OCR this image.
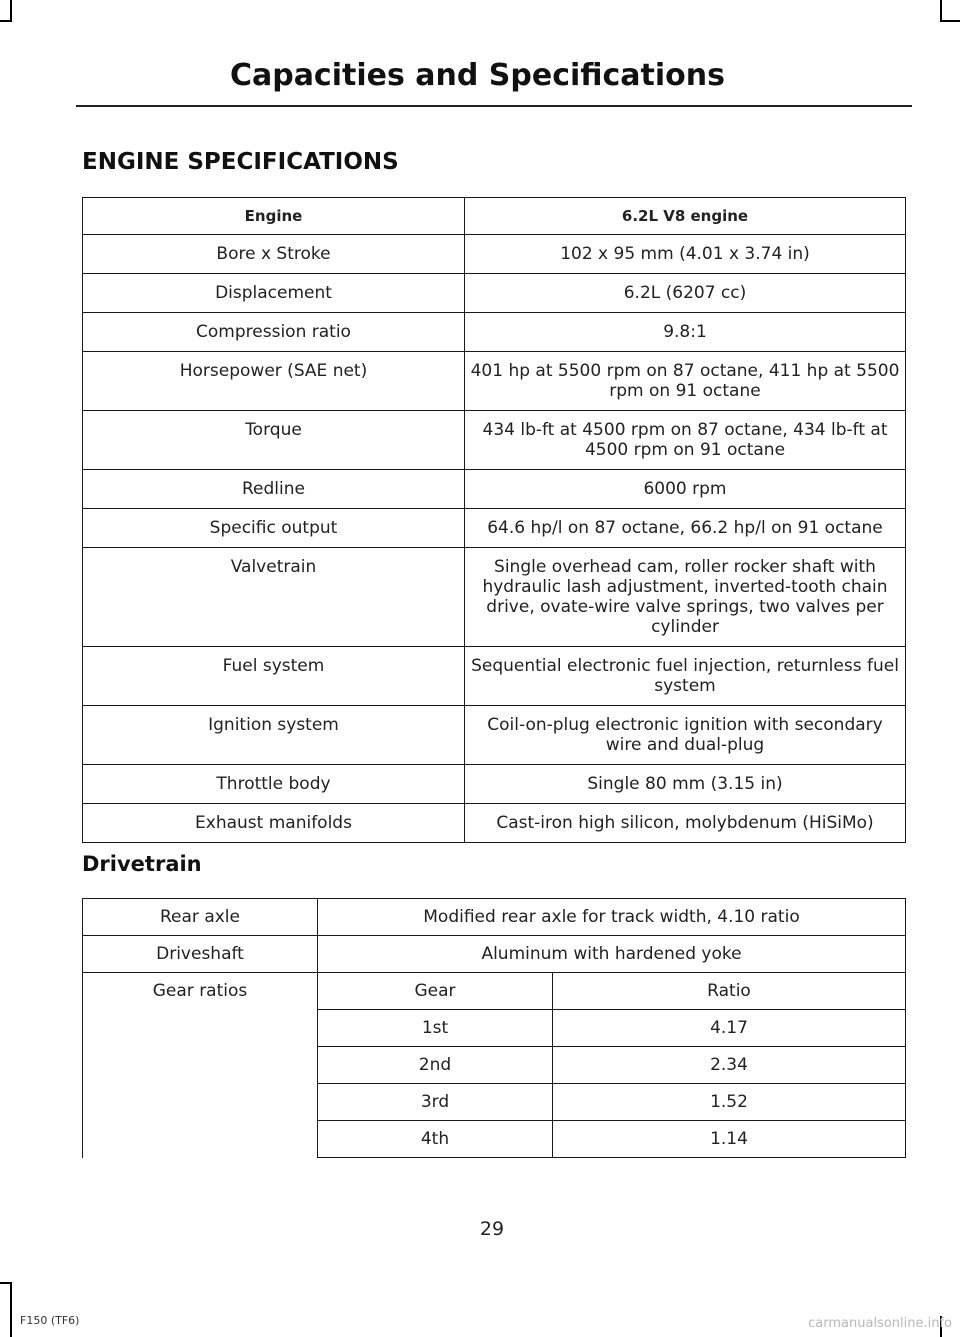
Capacities and Specifications
ENGINE SPECIFICATIONS
Engine	6.2L V8 engine
Bore x Stroke	102 x 95 mm (4.01 x 3.74 in)
Displacement	6.2L (6207 cc)
Compression ratio	9.8:1
Horsepower (SAE net)	401 hp at 5500 rpm on 87 octane, 411 hp at 5500 rpm on 91 octane
Torque	434 lb-ft at 4500 rpm on 87 octane, 434 lb-ft at 4500 rpm on 91 octane
Redline	6000 rpm
Specific output	64.6 hp/l on 87 octane, 66.2 hp/l on 91 octane
Valvetrain	Single overhead cam, roller rocker shaft with hydraulic lash adjustment, inverted-tooth chain drive, ovate-wire valve springs, two valves per cylinder
Fuel system	Sequential electronic fuel injection, returnless fuel system
Ignition system	Coil-on-plug electronic ignition with secondary wire and dual-plug
Throttle body	Single 80 mm (3.15 in)
Exhaust manifolds	Cast-iron high silicon, molybdenum (HiSiMo)
Drivetrain
Rear axle	Modified rear axle for track width, 4.10 ratio	
Driveshaft	Aluminum with hardened yoke	
Gear ratios	Gear	Ratio
	1st	4.17
	2nd	2.34
	3rd	1.52
	4th	1.14
29
F150 (TF6)	carmanualsonline.info
